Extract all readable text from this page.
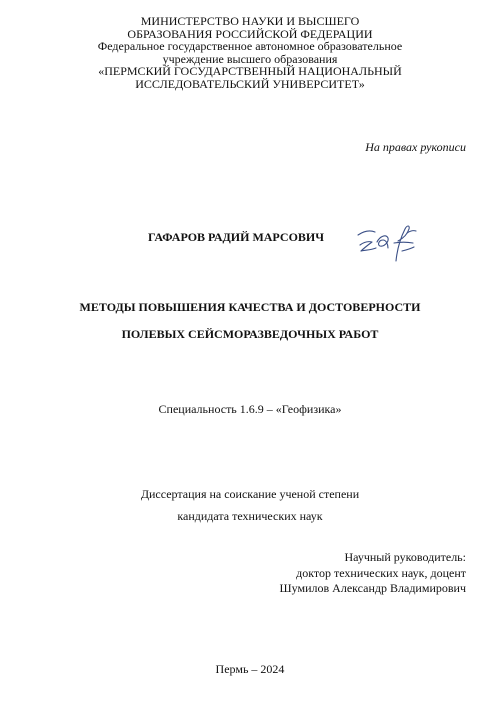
МИНИСТЕРСТВО НАУКИ И ВЫСШЕГО
ОБРАЗОВАНИЯ РОССИЙСКОЙ ФЕДЕРАЦИИ
Федеральное государственное автономное образовательное
учреждение высшего образования
«ПЕРМСКИЙ ГОСУДАРСТВЕННЫЙ НАЦИОНАЛЬНЫЙ
ИССЛЕДОВАТЕЛЬСКИЙ УНИВЕРСИТЕТ»
На правах рукописи
ГАФАРОВ РАДИЙ МАРСОВИЧ
МЕТОДЫ ПОВЫШЕНИЯ КАЧЕСТВА И ДОСТОВЕРНОСТИ
ПОЛЕВЫХ СЕЙСМОРАЗВЕДОЧНЫХ РАБОТ
Специальность 1.6.9 – «Геофизика»
Диссертация на соискание ученой степени
кандидата технических наук
Научный руководитель:
доктор технических наук, доцент
Шумилов Александр Владимирович
Пермь – 2024
